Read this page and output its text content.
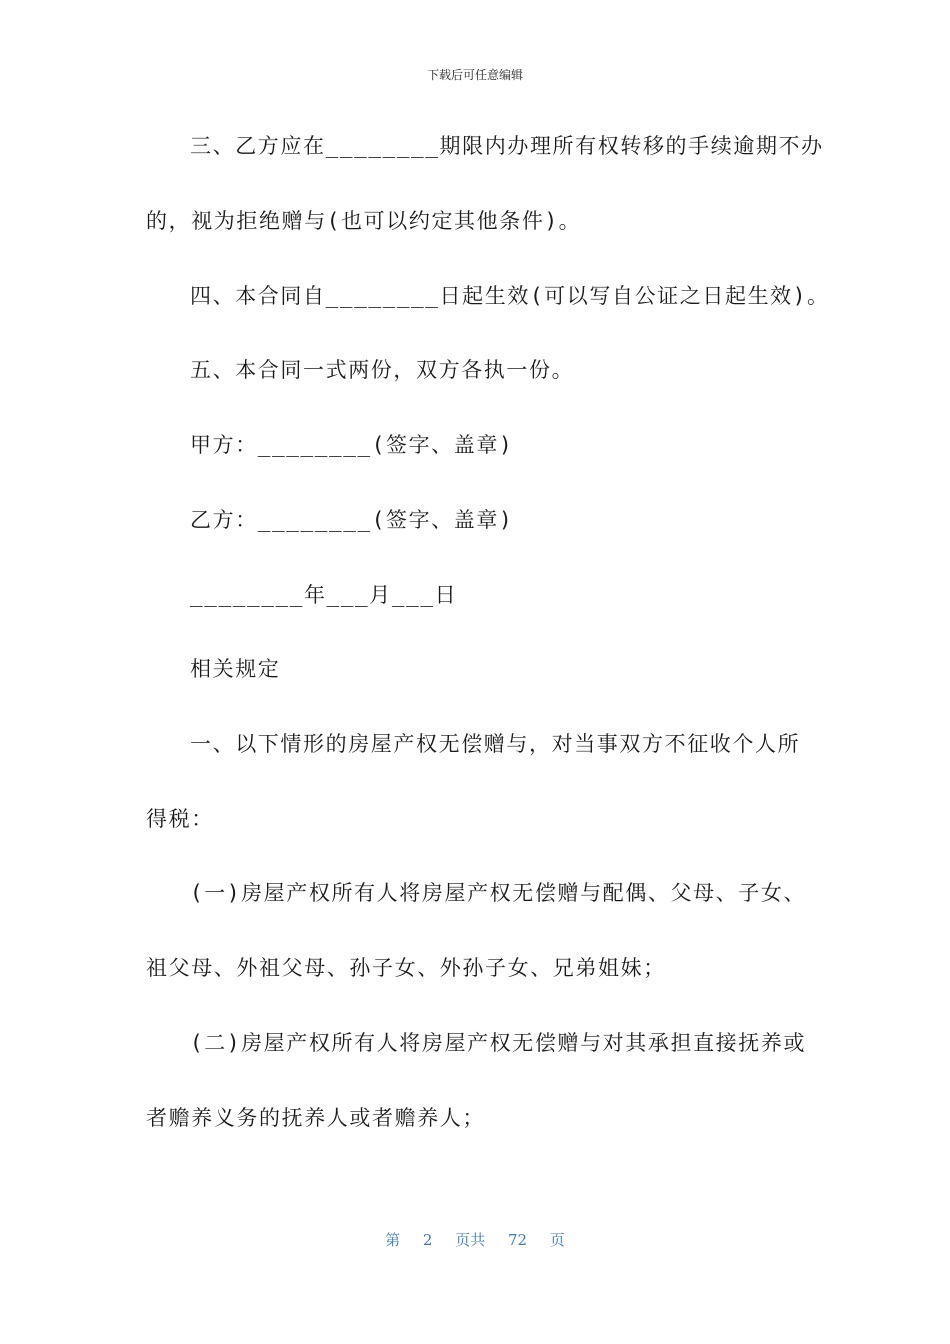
下载后可任意编辑
三、乙方应在________期限内办理所有权转移的手续逾期不办
的，视为拒绝赠与(也可以约定其他条件)。
四、本合同自________日起生效(可以写自公证之日起生效)。
五、本合同一式两份，双方各执一份。
甲方：________(签字、盖章)
乙方：________(签字、盖章)
________年___月___日
相关规定
一、以下情形的房屋产权无偿赠与，对当事双方不征收个人所
得税：
(一)房屋产权所有人将房屋产权无偿赠与配偶、父母、子女、
祖父母、外祖父母、孙子女、外孙子女、兄弟姐妹；
(二)房屋产权所有人将房屋产权无偿赠与对其承担直接抚养或
者赡养义务的抚养人或者赡养人；
第 2 页共 72 页
